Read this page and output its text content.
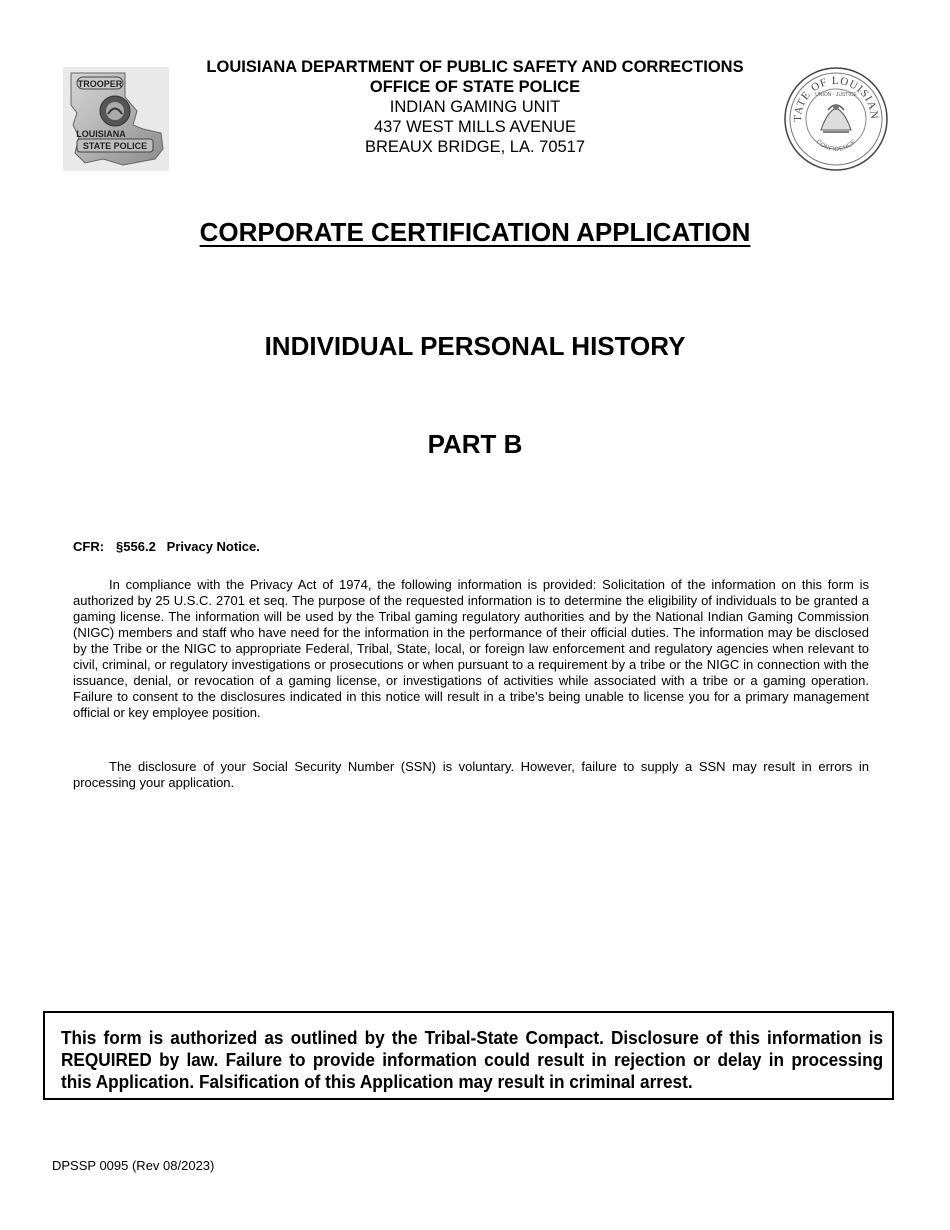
TROOPER
LOUISIANA
STATE POLICE
LOUISIANA DEPARTMENT OF PUBLIC SAFETY AND CORRECTIONS
OFFICE OF STATE POLICE
INDIAN GAMING UNIT
437 WEST MILLS AVENUE
BREAUX BRIDGE, LA. 70517
TATE OF LOUISIAN
UNION · JUSTICE
CONFIDENCE
CORPORATE CERTIFICATION APPLICATION
INDIVIDUAL PERSONAL HISTORY
PART B
CFR: §556.2 Privacy Notice.

In compliance with the Privacy Act of 1974, the following information is provided: Solicitation of the information on this form is authorized by 25 U.S.C. 2701 et seq. The purpose of the requested information is to determine the eligibility of individuals to be granted a gaming license. The information will be used by the Tribal gaming regulatory authorities and by the National Indian Gaming Commission (NIGC) members and staff who have need for the information in the performance of their official duties. The information may be disclosed by the Tribe or the NIGC to appropriate Federal, Tribal, State, local, or foreign law enforcement and regulatory agencies when relevant to civil, criminal, or regulatory investigations or prosecutions or when pursuant to a requirement by a tribe or the NIGC in connection with the issuance, denial, or revocation of a gaming license, or investigations of activities while associated with a tribe or a gaming operation. Failure to consent to the disclosures indicated in this notice will result in a tribe's being unable to license you for a primary management official or key employee position.

The disclosure of your Social Security Number (SSN) is voluntary. However, failure to supply a SSN may result in errors in processing your application.

This form is authorized as outlined by the Tribal-State Compact. Disclosure of this information is REQUIRED by law. Failure to provide information could result in rejection or delay in processing this Application. Falsification of this Application may result in criminal arrest.
DPSSP 0095 (Rev 08/2023)
